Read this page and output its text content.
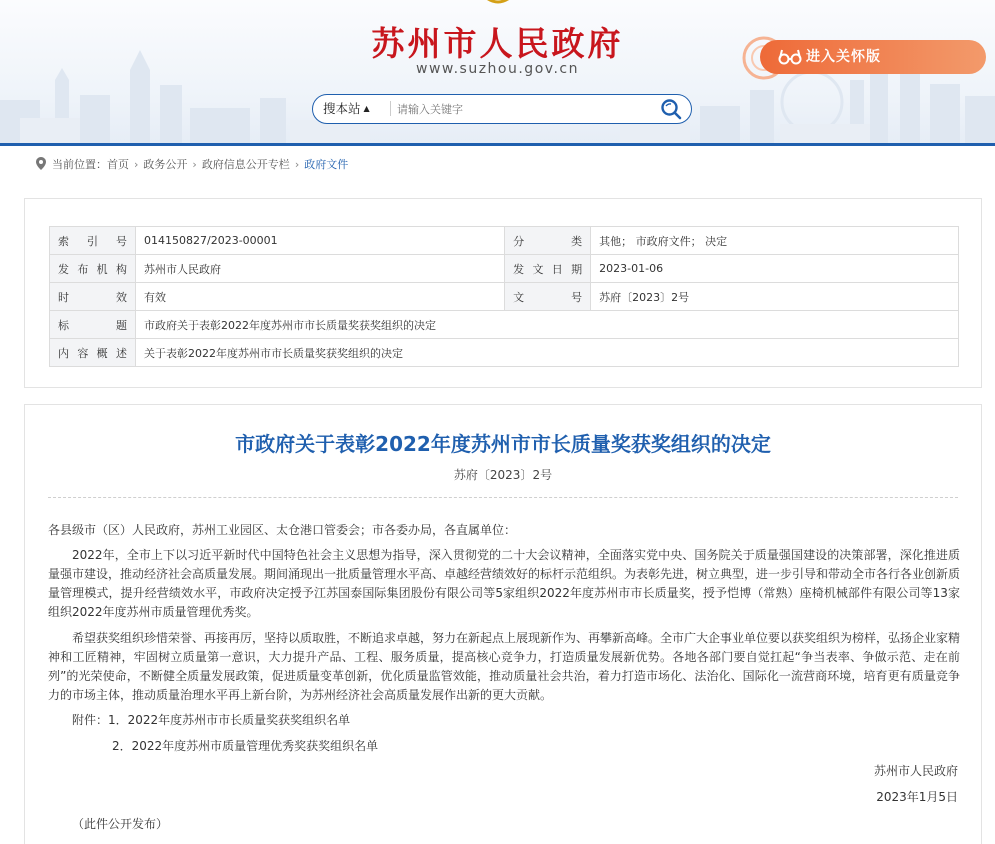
苏州市人民政府
www.suzhou.gov.cn
搜本站 ▲
请输入关键字
进入关怀版
当前位置：首页 › 政务公开 › 政府信息公开专栏 › 政府文件
索 引 号	014150827/2023-00001	分　　类	其他； 市政府文件； 决定
发布机构	苏州市人民政府	发文日期	2023-01-06
时　　效	有效	文　　号	苏府〔2023〕2号
标　　题	市政府关于表彰2022年度苏州市市长质量奖获奖组织的决定		
内容概述	关于表彰2022年度苏州市市长质量奖获奖组织的决定		
市政府关于表彰2022年度苏州市市长质量奖获奖组织的决定
苏府〔2023〕2号
各县级市（区）人民政府，苏州工业园区、太仓港口管委会；市各委办局，各直属单位：
2022年，全市上下以习近平新时代中国特色社会主义思想为指导，深入贯彻党的二十大会议精神，全面落实党中央、国务院关于质量强国建设的决策部署，深化推进质量强市建设，推动经济社会高质量发展。期间涌现出一批质量管理水平高、卓越经营绩效好的标杆示范组织。为表彰先进，树立典型，进一步引导和带动全市各行各业创新质量管理模式，提升经营绩效水平，市政府决定授予江苏国泰国际集团股份有限公司等5家组织2022年度苏州市市长质量奖，授予恺博（常熟）座椅机械部件有限公司等13家组织2022年度苏州市质量管理优秀奖。
希望获奖组织珍惜荣誉、再接再厉，坚持以质取胜，不断追求卓越，努力在新起点上展现新作为、再攀新高峰。全市广大企事业单位要以获奖组织为榜样，弘扬企业家精神和工匠精神，牢固树立质量第一意识，大力提升产品、工程、服务质量，提高核心竞争力，打造质量发展新优势。各地各部门要自觉扛起“争当表率、争做示范、走在前列”的光荣使命，不断健全质量发展政策，促进质量变革创新，优化质量监管效能，推动质量社会共治，着力打造市场化、法治化、国际化一流营商环境，培育更有质量竞争力的市场主体，推动质量治理水平再上新台阶，为苏州经济社会高质量发展作出新的更大贡献。
附件：1．2022年度苏州市市长质量奖获奖组织名单
2．2022年度苏州市质量管理优秀奖获奖组织名单
苏州市人民政府
2023年1月5日
（此件公开发布）
